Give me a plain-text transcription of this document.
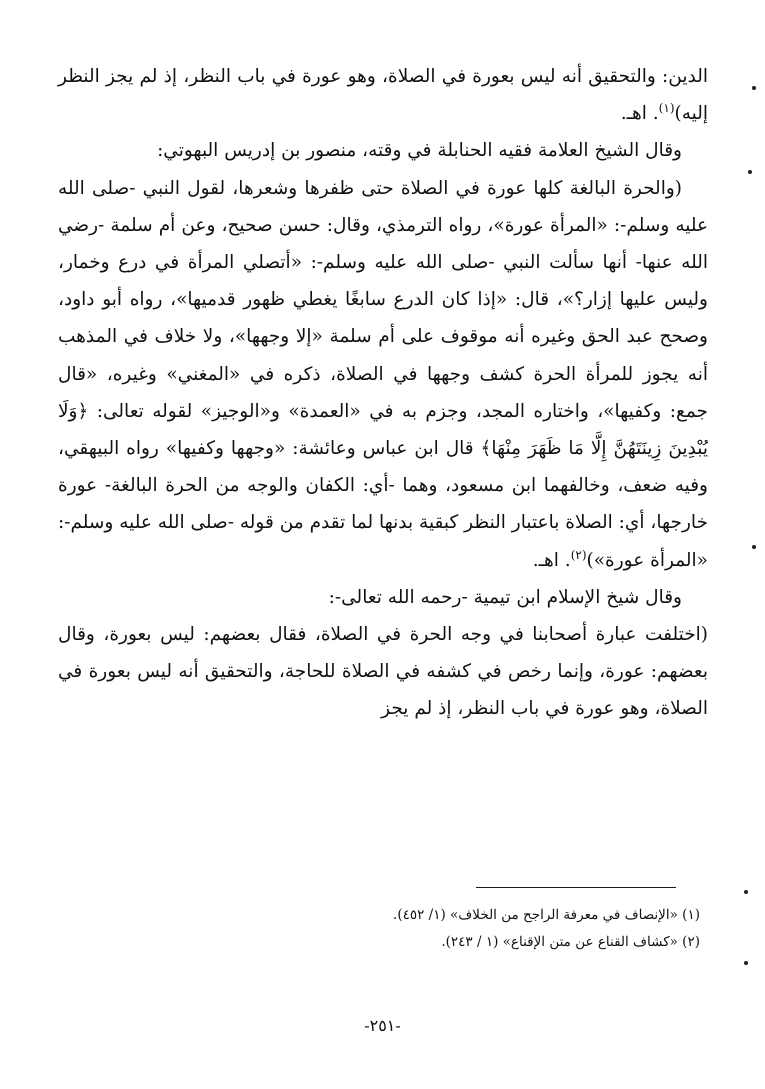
الدين: والتحقيق أنه ليس بعورة في الصلاة، وهو عورة في باب النظر، إذ لم يجز النظر إليه)$^{(١)}$. اهـ.

وقال الشيخ العلامة فقيه الحنابلة في وقته، منصور بن إدريس البهوتي:

(والحرة البالغة كلها عورة في الصلاة حتى ظفرها وشعرها، لقول النبي -صلى الله عليه وسلم-: «المرأة عورة»، رواه الترمذي، وقال: حسن صحيح، وعن أم سلمة -رضي الله عنها- أنها سألت النبي -صلى الله عليه وسلم-: «أتصلي المرأة في درع وخمار، وليس عليها إزار؟»، قال: «إذا كان الدرع سابغًا يغطي ظهور قدميها»، رواه أبو داود، وصحح عبد الحق وغيره أنه موقوف على أم سلمة «إلا وجهها»، ولا خلاف في المذهب أنه يجوز للمرأة الحرة كشف وجهها في الصلاة، ذكره في «المغني» وغيره، «قال جمع: وكفيها»، واختاره المجد، وجزم به في «العمدة» و«الوجيز» لقوله تعالى: ﴿وَلَا يُبْدِينَ زِينَتَهُنَّ إِلَّا مَا ظَهَرَ مِنْهَا﴾ قال ابن عباس وعائشة: «وجهها وكفيها» رواه البيهقي، وفيه ضعف، وخالفهما ابن مسعود، وهما -أي: الكفان والوجه من الحرة البالغة- عورة خارجها، أي: الصلاة باعتبار النظر كبقية بدنها لما تقدم من قوله -صلى الله عليه وسلم-: «المرأة عورة»)$^{(٢)}$. اهـ.

وقال شيخ الإسلام ابن تيمية -رحمه الله تعالى-:

(اختلفت عبارة أصحابنا في وجه الحرة في الصلاة، فقال بعضهم: ليس بعورة، وقال بعضهم: عورة، وإنما رخص في كشفه في الصلاة للحاجة، والتحقيق أنه ليس بعورة في الصلاة، وهو عورة في باب النظر، إذ لم يجز

(١) «الإنصاف في معرفة الراجح من الخلاف» (١/ ٤٥٢).

(٢) «كشاف القناع عن متن الإقناع» (١ / ٢٤٣).

-٢٥١-
